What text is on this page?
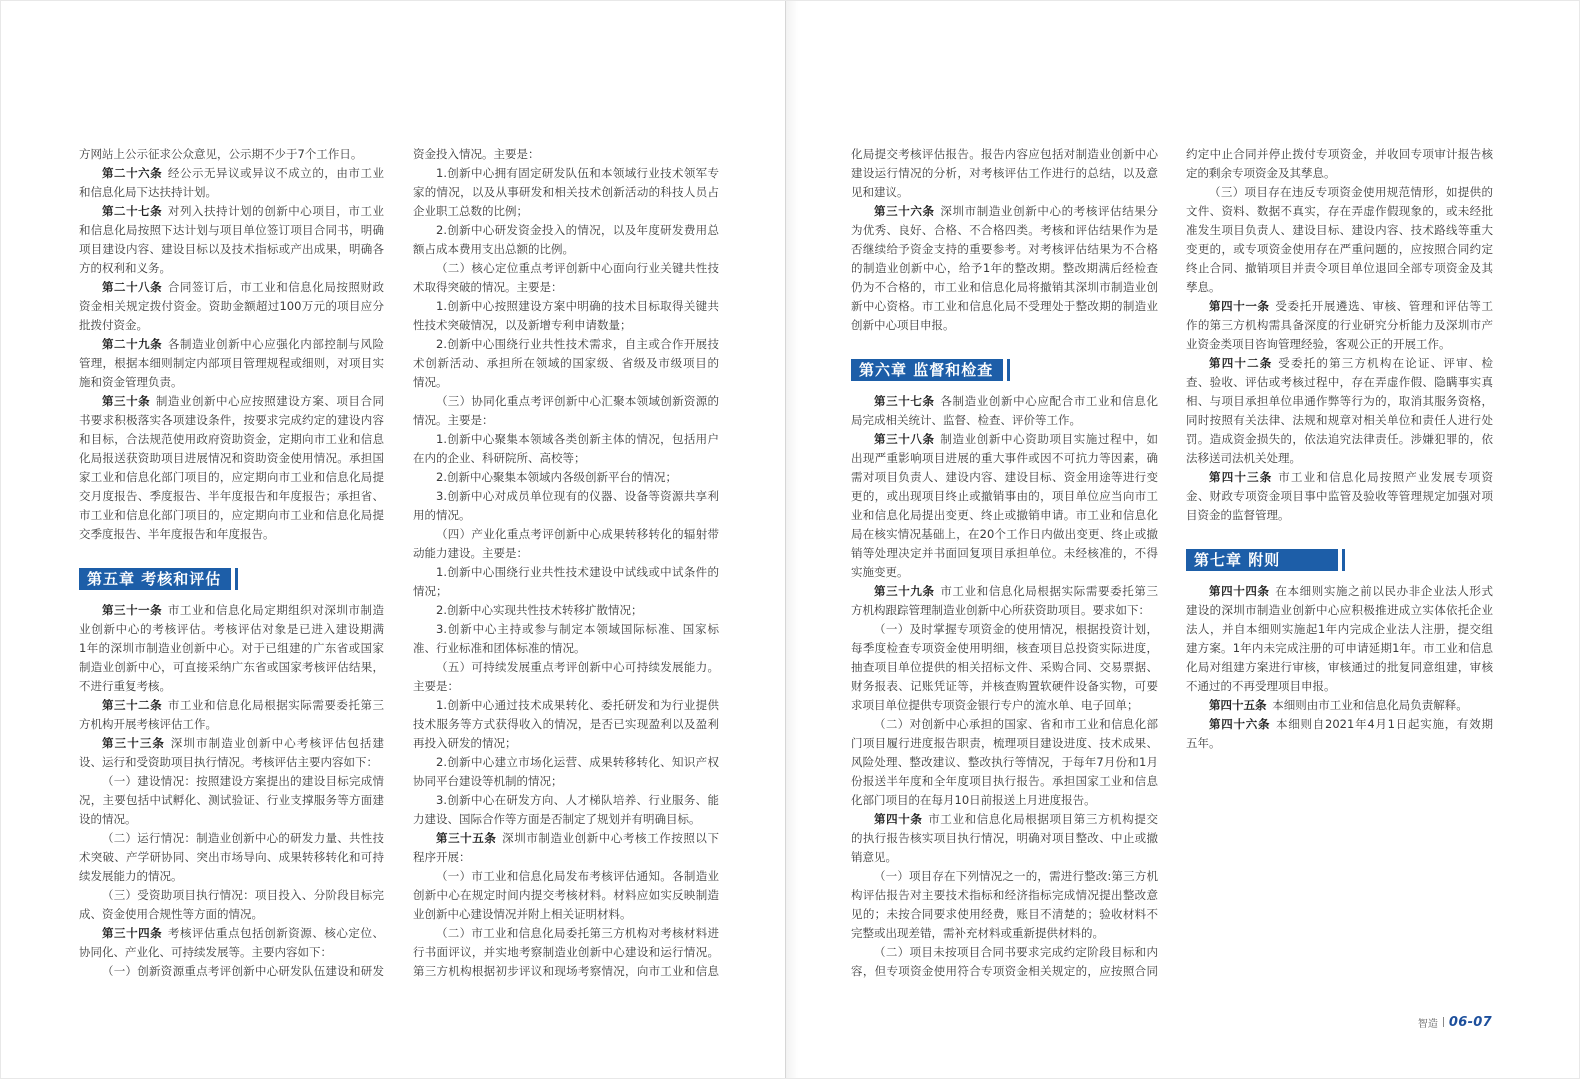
方网站上公示征求公众意见，公示期不少于7个工作日。
第二十六条 经公示无异议或异议不成立的，由市工业
和信息化局下达扶持计划。
第二十七条 对列入扶持计划的创新中心项目，市工业
和信息化局按照下达计划与项目单位签订项目合同书，明确
项目建设内容、建设目标以及技术指标或产出成果，明确各
方的权利和义务。
第二十八条 合同签订后，市工业和信息化局按照财政
资金相关规定拨付资金。资助金额超过100万元的项目应分
批拨付资金。
第二十九条 各制造业创新中心应强化内部控制与风险
管理，根据本细则制定内部项目管理规程或细则，对项目实
施和资金管理负责。
第三十条 制造业创新中心应按照建设方案、项目合同
书要求积极落实各项建设条件，按要求完成约定的建设内容
和目标，合法规范使用政府资助资金，定期向市工业和信息
化局报送获资助项目进展情况和资助资金使用情况。承担国
家工业和信息化部门项目的，应定期向市工业和信息化局提
交月度报告、季度报告、半年度报告和年度报告；承担省、
市工业和信息化部门项目的，应定期向市工业和信息化局提
交季度报告、半年度报告和年度报告。
第五章 考核和评估
第三十一条 市工业和信息化局定期组织对深圳市制造
业创新中心的考核评估。考核评估对象是已进入建设期满
1年的深圳市制造业创新中心。对于已组建的广东省或国家
制造业创新中心，可直接采纳广东省或国家考核评估结果，
不进行重复考核。
第三十二条 市工业和信息化局根据实际需要委托第三
方机构开展考核评估工作。
第三十三条 深圳市制造业创新中心考核评估包括建
设、运行和受资助项目执行情况。考核评估主要内容如下：
（一）建设情况：按照建设方案提出的建设目标完成情
况，主要包括中试孵化、测试验证、行业支撑服务等方面建
设的情况。
（二）运行情况：制造业创新中心的研发力量、共性技
术突破、产学研协同、突出市场导向、成果转移转化和可持
续发展能力的情况。
（三）受资助项目执行情况：项目投入、分阶段目标完
成、资金使用合规性等方面的情况。
第三十四条 考核评估重点包括创新资源、核心定位、
协同化、产业化、可持续发展等。主要内容如下：
（一）创新资源重点考评创新中心研发队伍建设和研发
资金投入情况。主要是：
1.创新中心拥有固定研发队伍和本领域行业技术领军专
家的情况，以及从事研发和相关技术创新活动的科技人员占
企业职工总数的比例；
2.创新中心研发资金投入的情况，以及年度研发费用总
额占成本费用支出总额的比例。
（二）核心定位重点考评创新中心面向行业关键共性技
术取得突破的情况。主要是：
1.创新中心按照建设方案中明确的技术目标取得关键共
性技术突破情况，以及新增专利申请数量；
2.创新中心围绕行业共性技术需求，自主或合作开展技
术创新活动、承担所在领域的国家级、省级及市级项目的
情况。
（三）协同化重点考评创新中心汇聚本领域创新资源的
情况。主要是：
1.创新中心聚集本领域各类创新主体的情况，包括用户
在内的企业、科研院所、高校等；
2.创新中心聚集本领域内各级创新平台的情况；
3.创新中心对成员单位现有的仪器、设备等资源共享利
用的情况。
（四）产业化重点考评创新中心成果转移转化的辐射带
动能力建设。主要是：
1.创新中心围绕行业共性技术建设中试线或中试条件的
情况；
2.创新中心实现共性技术转移扩散情况；
3.创新中心主持或参与制定本领域国际标准、国家标
准、行业标准和团体标准的情况。
（五）可持续发展重点考评创新中心可持续发展能力。
主要是：
1.创新中心通过技术成果转化、委托研发和为行业提供
技术服务等方式获得收入的情况，是否已实现盈利以及盈利
再投入研发的情况；
2.创新中心建立市场化运营、成果转移转化、知识产权
协同平台建设等机制的情况；
3.创新中心在研发方向、人才梯队培养、行业服务、能
力建设、国际合作等方面是否制定了规划并有明确目标。
第三十五条 深圳市制造业创新中心考核工作按照以下
程序开展：
（一）市工业和信息化局发布考核评估通知。各制造业
创新中心在规定时间内提交考核材料。材料应如实反映制造
业创新中心建设情况并附上相关证明材料。
（二）市工业和信息化局委托第三方机构对考核材料进
行书面评议，并实地考察制造业创新中心建设和运行情况。
第三方机构根据初步评议和现场考察情况，向市工业和信息
化局提交考核评估报告。报告内容应包括对制造业创新中心
建设运行情况的分析，对考核评估工作进行的总结，以及意
见和建议。
第三十六条 深圳市制造业创新中心的考核评估结果分
为优秀、良好、合格、不合格四类。考核和评估结果作为是
否继续给予资金支持的重要参考。对考核评估结果为不合格
的制造业创新中心，给予1年的整改期。整改期满后经检查
仍为不合格的，市工业和信息化局将撤销其深圳市制造业创
新中心资格。市工业和信息化局不受理处于整改期的制造业
创新中心项目申报。
第六章 监督和检查
第三十七条 各制造业创新中心应配合市工业和信息化
局完成相关统计、监督、检查、评价等工作。
第三十八条 制造业创新中心资助项目实施过程中，如
出现严重影响项目进展的重大事件或因不可抗力等因素，确
需对项目负责人、建设内容、建设目标、资金用途等进行变
更的，或出现项目终止或撤销事由的，项目单位应当向市工
业和信息化局提出变更、终止或撤销申请。市工业和信息化
局在核实情况基础上，在20个工作日内做出变更、终止或撤
销等处理决定并书面回复项目承担单位。未经核准的，不得
实施变更。
第三十九条 市工业和信息化局根据实际需要委托第三
方机构跟踪管理制造业创新中心所获资助项目。要求如下：
（一）及时掌握专项资金的使用情况，根据投资计划，
每季度检查专项资金使用明细，核查项目总投资实际进度，
抽查项目单位提供的相关招标文件、采购合同、交易票据、
财务报表、记账凭证等，并核查购置软硬件设备实物，可要
求项目单位提供专项资金银行专户的流水单、电子回单；
（二）对创新中心承担的国家、省和市工业和信息化部
门项目履行进度报告职责，梳理项目建设进度、技术成果、
风险处理、整改建议、整改执行等情况，于每年7月份和1月
份报送半年度和全年度项目执行报告。承担国家工业和信息
化部门项目的在每月10日前报送上月进度报告。
第四十条 市工业和信息化局根据项目第三方机构提交
的执行报告核实项目执行情况，明确对项目整改、中止或撤
销意见。
（一）项目存在下列情况之一的，需进行整改:第三方机
构评估报告对主要技术指标和经济指标完成情况提出整改意
见的；未按合同要求使用经费，账目不清楚的；验收材料不
完整或出现差错，需补充材料或重新提供材料的。
（二）项目未按项目合同书要求完成约定阶段目标和内
容，但专项资金使用符合专项资金相关规定的，应按照合同
约定中止合同并停止拨付专项资金，并收回专项审计报告核
定的剩余专项资金及其孳息。
（三）项目存在违反专项资金使用规范情形，如提供的
文件、资料、数据不真实，存在弄虚作假现象的，或未经批
准发生项目负责人、建设目标、建设内容、技术路线等重大
变更的，或专项资金使用存在严重问题的，应按照合同约定
终止合同、撤销项目并责令项目单位退回全部专项资金及其
孳息。
第四十一条 受委托开展遴选、审核、管理和评估等工
作的第三方机构需具备深度的行业研究分析能力及深圳市产
业资金类项目咨询管理经验，客观公正的开展工作。
第四十二条 受委托的第三方机构在论证、评审、检
查、验收、评估或考核过程中，存在弄虚作假、隐瞒事实真
相、与项目承担单位串通作弊等行为的，取消其服务资格，
同时按照有关法律、法规和规章对相关单位和责任人进行处
罚。造成资金损失的，依法追究法律责任。涉嫌犯罪的，依
法移送司法机关处理。
第四十三条 市工业和信息化局按照产业发展专项资
金、财政专项资金项目事中监管及验收等管理规定加强对项
目资金的监督管理。
第七章 附则
第四十四条 在本细则实施之前以民办非企业法人形式
建设的深圳市制造业创新中心应积极推进成立实体依托企业
法人，并自本细则实施起1年内完成企业法人注册，提交组
建方案。1年内未完成注册的可申请延期1年。市工业和信息
化局对组建方案进行审核，审核通过的批复同意组建，审核
不通过的不再受理项目申报。
第四十五条 本细则由市工业和信息化局负责解释。
第四十六条 本细则自2021年4月1日起实施，有效期
五年。
智造 06-07
